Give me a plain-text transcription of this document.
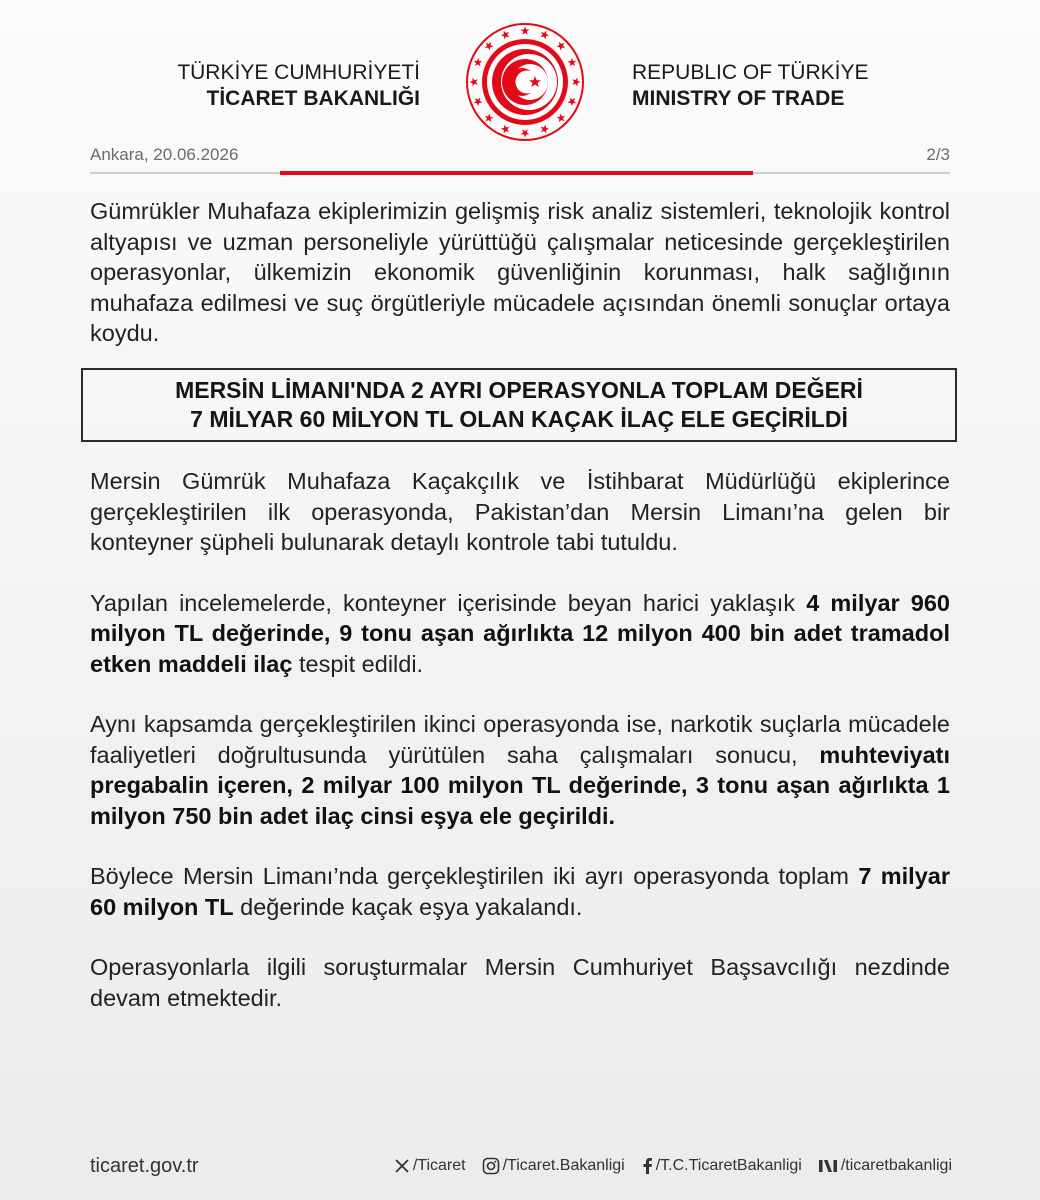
TÜRKİYE CUMHURİYETİ
TİCARET BAKANLIĞI
REPUBLIC OF TÜRKİYE
MINISTRY OF TRADE
Ankara, 20.06.2026	2/3

Gümrükler Muhafaza ekiplerimizin gelişmiş risk analiz sistemleri, teknolojik kontrol altyapısı ve uzman personeliyle yürüttüğü çalışmalar neticesinde gerçekleştirilen operasyonlar, ülkemizin ekonomik güvenliğinin korunması, halk sağlığının muhafaza edilmesi ve suç örgütleriyle mücadele açısından önemli sonuçlar ortaya koydu.

MERSİN LİMANI'NDA 2 AYRI OPERASYONLA TOPLAM DEĞERİ
7 MİLYAR 60 MİLYON TL OLAN KAÇAK İLAÇ ELE GEÇİRİLDİ

Mersin Gümrük Muhafaza Kaçakçılık ve İstihbarat Müdürlüğü ekiplerince gerçekleştirilen ilk operasyonda, Pakistan’dan Mersin Limanı’na gelen bir konteyner şüpheli bulunarak detaylı kontrole tabi tutuldu.

Yapılan incelemelerde, konteyner içerisinde beyan harici yaklaşık 4 milyar 960 milyon TL değerinde, 9 tonu aşan ağırlıkta 12 milyon 400 bin adet tramadol etken maddeli ilaç tespit edildi.

Aynı kapsamda gerçekleştirilen ikinci operasyonda ise, narkotik suçlarla mücadele faaliyetleri doğrultusunda yürütülen saha çalışmaları sonucu, muhteviyatı pregabalin içeren, 2 milyar 100 milyon TL değerinde, 3 tonu aşan ağırlıkta 1 milyon 750 bin adet ilaç cinsi eşya ele geçirildi.

Böylece Mersin Limanı’nda gerçekleştirilen iki ayrı operasyonda toplam 7 milyar 60 milyon TL değerinde kaçak eşya yakalandı.

Operasyonlarla ilgili soruşturmalar Mersin Cumhuriyet Başsavcılığı nezdinde devam etmektedir.

ticaret.gov.tr	/Ticaret /Ticaret.Bakanligi /T.C.TicaretBakanligi /ticaretbakanligi
